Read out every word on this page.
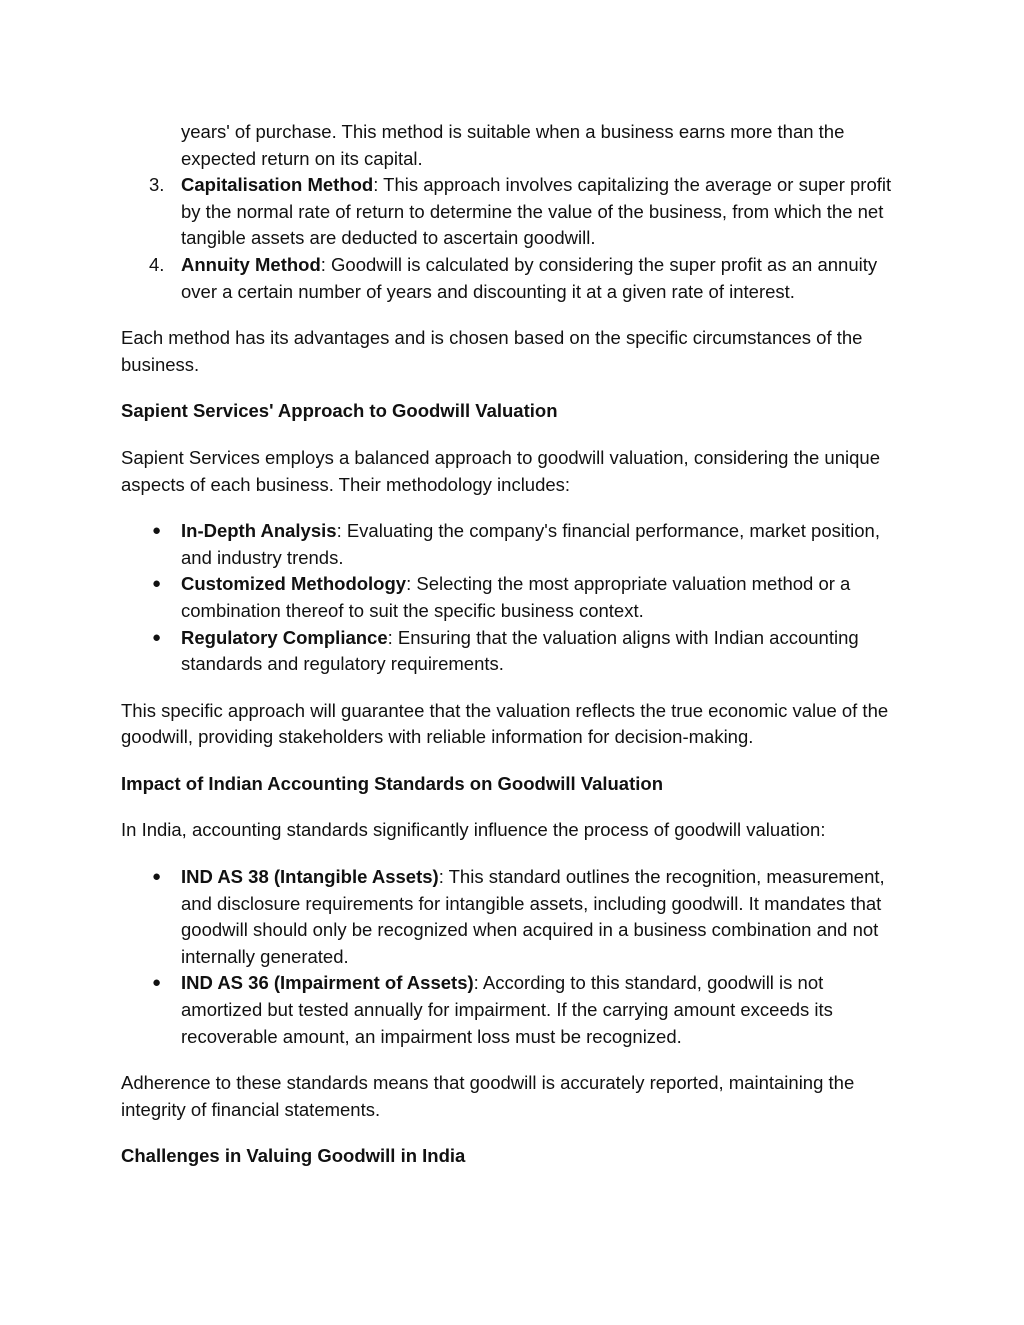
years' of purchase. This method is suitable when a business earns more than the expected return on its capital.

3. Capitalisation Method: This approach involves capitalizing the average or super profit by the normal rate of return to determine the value of the business, from which the net tangible assets are deducted to ascertain goodwill.
4. Annuity Method: Goodwill is calculated by considering the super profit as an annuity over a certain number of years and discounting it at a given rate of interest.

Each method has its advantages and is chosen based on the specific circumstances of the business.

Sapient Services' Approach to Goodwill Valuation

Sapient Services employs a balanced approach to goodwill valuation, considering the unique aspects of each business. Their methodology includes:

● In-Depth Analysis: Evaluating the company's financial performance, market position, and industry trends.
● Customized Methodology: Selecting the most appropriate valuation method or a combination thereof to suit the specific business context.
● Regulatory Compliance: Ensuring that the valuation aligns with Indian accounting standards and regulatory requirements.

This specific approach will guarantee that the valuation reflects the true economic value of the goodwill, providing stakeholders with reliable information for decision-making.

Impact of Indian Accounting Standards on Goodwill Valuation

In India, accounting standards significantly influence the process of goodwill valuation:

● IND AS 38 (Intangible Assets): This standard outlines the recognition, measurement, and disclosure requirements for intangible assets, including goodwill. It mandates that goodwill should only be recognized when acquired in a business combination and not internally generated.
● IND AS 36 (Impairment of Assets): According to this standard, goodwill is not amortized but tested annually for impairment. If the carrying amount exceeds its recoverable amount, an impairment loss must be recognized.

Adherence to these standards means that goodwill is accurately reported, maintaining the integrity of financial statements.

Challenges in Valuing Goodwill in India
